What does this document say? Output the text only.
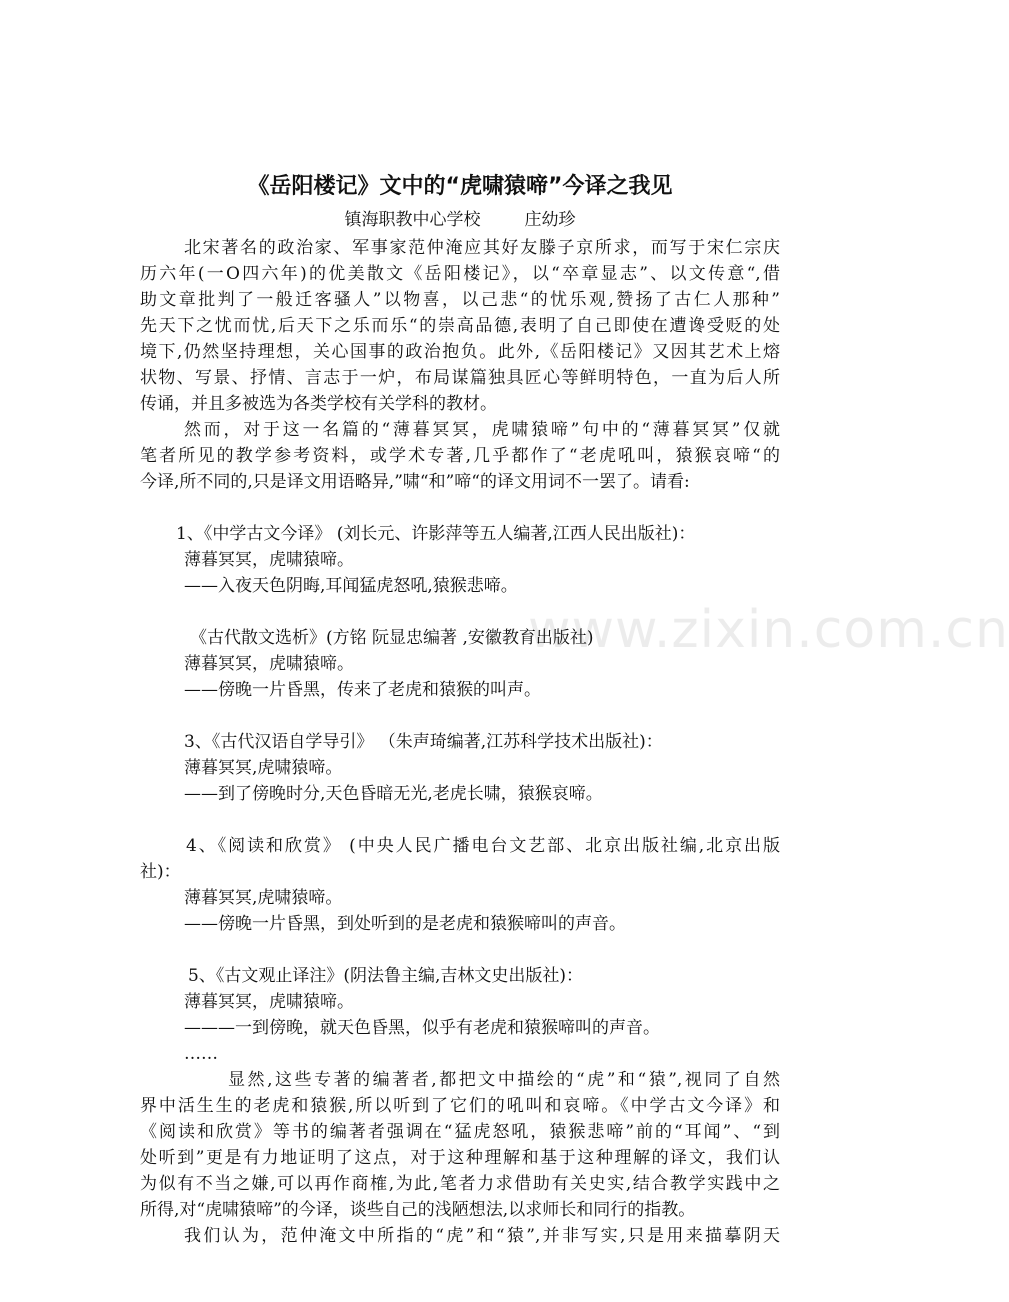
《岳阳楼记》文中的“虎啸猿啼”今译之我见
镇海职教中心学校	庄幼珍
www.zixin.com.cn
北宋著名的政治家、军事家范仲淹应其好友滕子京所求，而写于宋仁宗庆
历六年(一O四六年)的优美散文《岳阳楼记》，以“卒章显志”、以文传意“,借
助文章批判了一般迁客骚人”以物喜，以己悲“的忧乐观,赞扬了古仁人那种”
先天下之忧而忧,后天下之乐而乐“的崇高品德,表明了自己即使在遭谗受贬的处
境下,仍然坚持理想，关心国事的政治抱负。此外,《岳阳楼记》又因其艺术上熔
状物、写景、抒情、言志于一炉，布局谋篇独具匠心等鲜明特色，一直为后人所
传诵，并且多被选为各类学校有关学科的教材。
然而，对于这一名篇的“薄暮冥冥，虎啸猿啼”句中的“薄暮冥冥”仅就
笔者所见的教学参考资料，或学术专著,几乎都作了“老虎吼叫，猿猴哀啼“的
今译,所不同的,只是译文用语略异,”啸“和”啼“的译文用词不一罢了。请看:
1、《中学古文今译》 (刘长元、许影萍等五人编著,江西人民出版社)：
薄暮冥冥，虎啸猿啼。
——入夜天色阴晦,耳闻猛虎怒吼,猿猴悲啼。
《古代散文选析》(方铭 阮显忠编著 ,安徽教育出版社)
薄暮冥冥，虎啸猿啼。
——傍晚一片昏黑，传来了老虎和猿猴的叫声。
3、《古代汉语自学导引》 （朱声琦编著,江苏科学技术出版社)：
薄暮冥冥,虎啸猿啼。
——到了傍晚时分,天色昏暗无光,老虎长啸，猿猴哀啼。
4、《阅读和欣赏》 (中央人民广播电台文艺部、北京出版社编,北京出版
社)：
薄暮冥冥,虎啸猿啼。
——傍晚一片昏黑，到处听到的是老虎和猿猴啼叫的声音。
5、《古文观止译注》(阴法鲁主编,吉林文史出版社)：
薄暮冥冥，虎啸猿啼。
———一到傍晚，就天色昏黑，似乎有老虎和猿猴啼叫的声音。
……
显然,这些专著的编著者,都把文中描绘的“虎”和“猿”,视同了自然
界中活生生的老虎和猿猴,所以听到了它们的吼叫和哀啼。《中学古文今译》和
《阅读和欣赏》等书的编著者强调在“猛虎怒吼，猿猴悲啼”前的“耳闻”、“到
处听到”更是有力地证明了这点，对于这种理解和基于这种理解的译文，我们认
为似有不当之嫌,可以再作商榷,为此,笔者力求借助有关史实,结合教学实践中之
所得,对“虎啸猿啼”的今译，谈些自己的浅陋想法,以求师长和同行的指教。
我们认为，范仲淹文中所指的“虎”和“猿”,并非写实,只是用来描摹阴天
